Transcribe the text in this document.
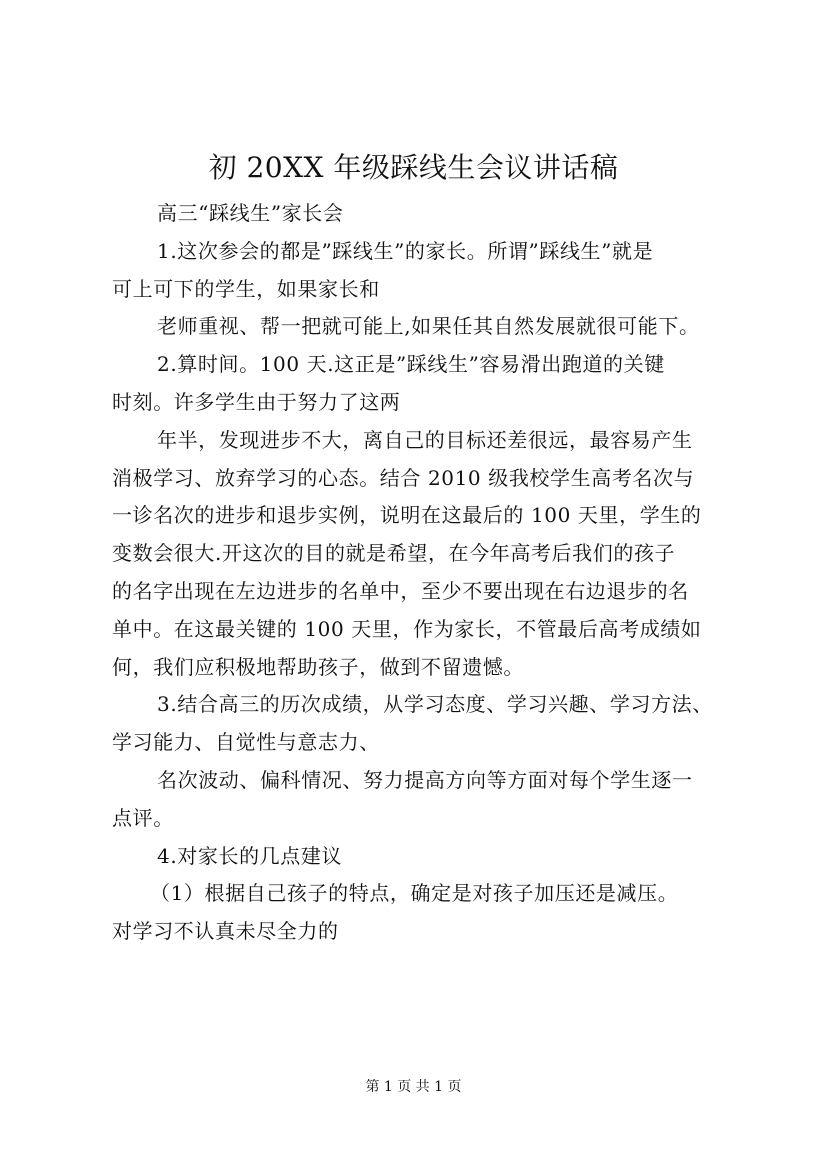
初 20XX 年级踩线生会议讲话稿
高三“踩线生”家长会
1.这次参会的都是”踩线生”的家长。所谓”踩线生”就是
可上可下的学生，如果家长和
老师重视、帮一把就可能上,如果任其自然发展就很可能下。
2.算时间。100 天.这正是”踩线生”容易滑出跑道的关键
时刻。许多学生由于努力了这两
年半，发现进步不大，离自己的目标还差很远，最容易产生
消极学习、放弃学习的心态。结合 2010 级我校学生高考名次与
一诊名次的进步和退步实例，说明在这最后的 100 天里，学生的
变数会很大.开这次的目的就是希望，在今年高考后我们的孩子
的名字出现在左边进步的名单中，至少不要出现在右边退步的名
单中。在这最关键的 100 天里，作为家长，不管最后高考成绩如
何，我们应积极地帮助孩子，做到不留遗憾。
3.结合高三的历次成绩，从学习态度、学习兴趣、学习方法、
学习能力、自觉性与意志力、
名次波动、偏科情况、努力提高方向等方面对每个学生逐一
点评。
4.对家长的几点建议
（1）根据自己孩子的特点，确定是对孩子加压还是减压。
对学习不认真未尽全力的
第 1 页 共 1 页
